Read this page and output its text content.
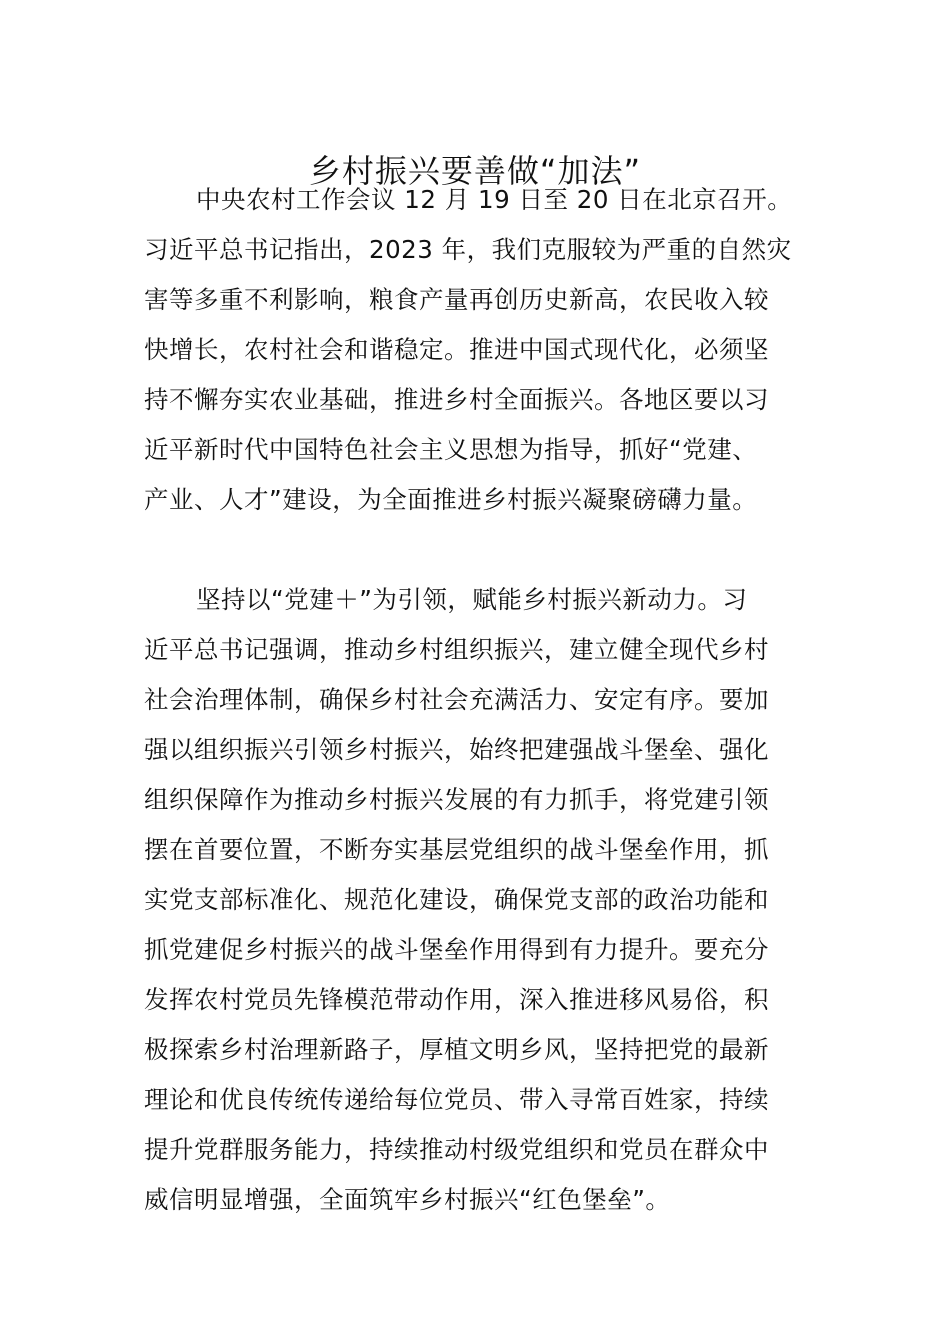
乡村振兴要善做“加法”

中央农村工作会议 12 月 19 日至 20 日在北京召开。
习近平总书记指出，2023 年，我们克服较为严重的自然灾
害等多重不利影响，粮食产量再创历史新高，农民收入较
快增长，农村社会和谐稳定。推进中国式现代化，必须坚
持不懈夯实农业基础，推进乡村全面振兴。各地区要以习
近平新时代中国特色社会主义思想为指导，抓好“党建、
产业、人才”建设，为全面推进乡村振兴凝聚磅礴力量。

坚持以“党建＋”为引领，赋能乡村振兴新动力。习
近平总书记强调，推动乡村组织振兴，建立健全现代乡村
社会治理体制，确保乡村社会充满活力、安定有序。要加
强以组织振兴引领乡村振兴，始终把建强战斗堡垒、强化
组织保障作为推动乡村振兴发展的有力抓手，将党建引领
摆在首要位置，不断夯实基层党组织的战斗堡垒作用，抓
实党支部标准化、规范化建设，确保党支部的政治功能和
抓党建促乡村振兴的战斗堡垒作用得到有力提升。要充分
发挥农村党员先锋模范带动作用，深入推进移风易俗，积
极探索乡村治理新路子，厚植文明乡风，坚持把党的最新
理论和优良传统传递给每位党员、带入寻常百姓家，持续
提升党群服务能力，持续推动村级党组织和党员在群众中
威信明显增强，全面筑牢乡村振兴“红色堡垒”。
